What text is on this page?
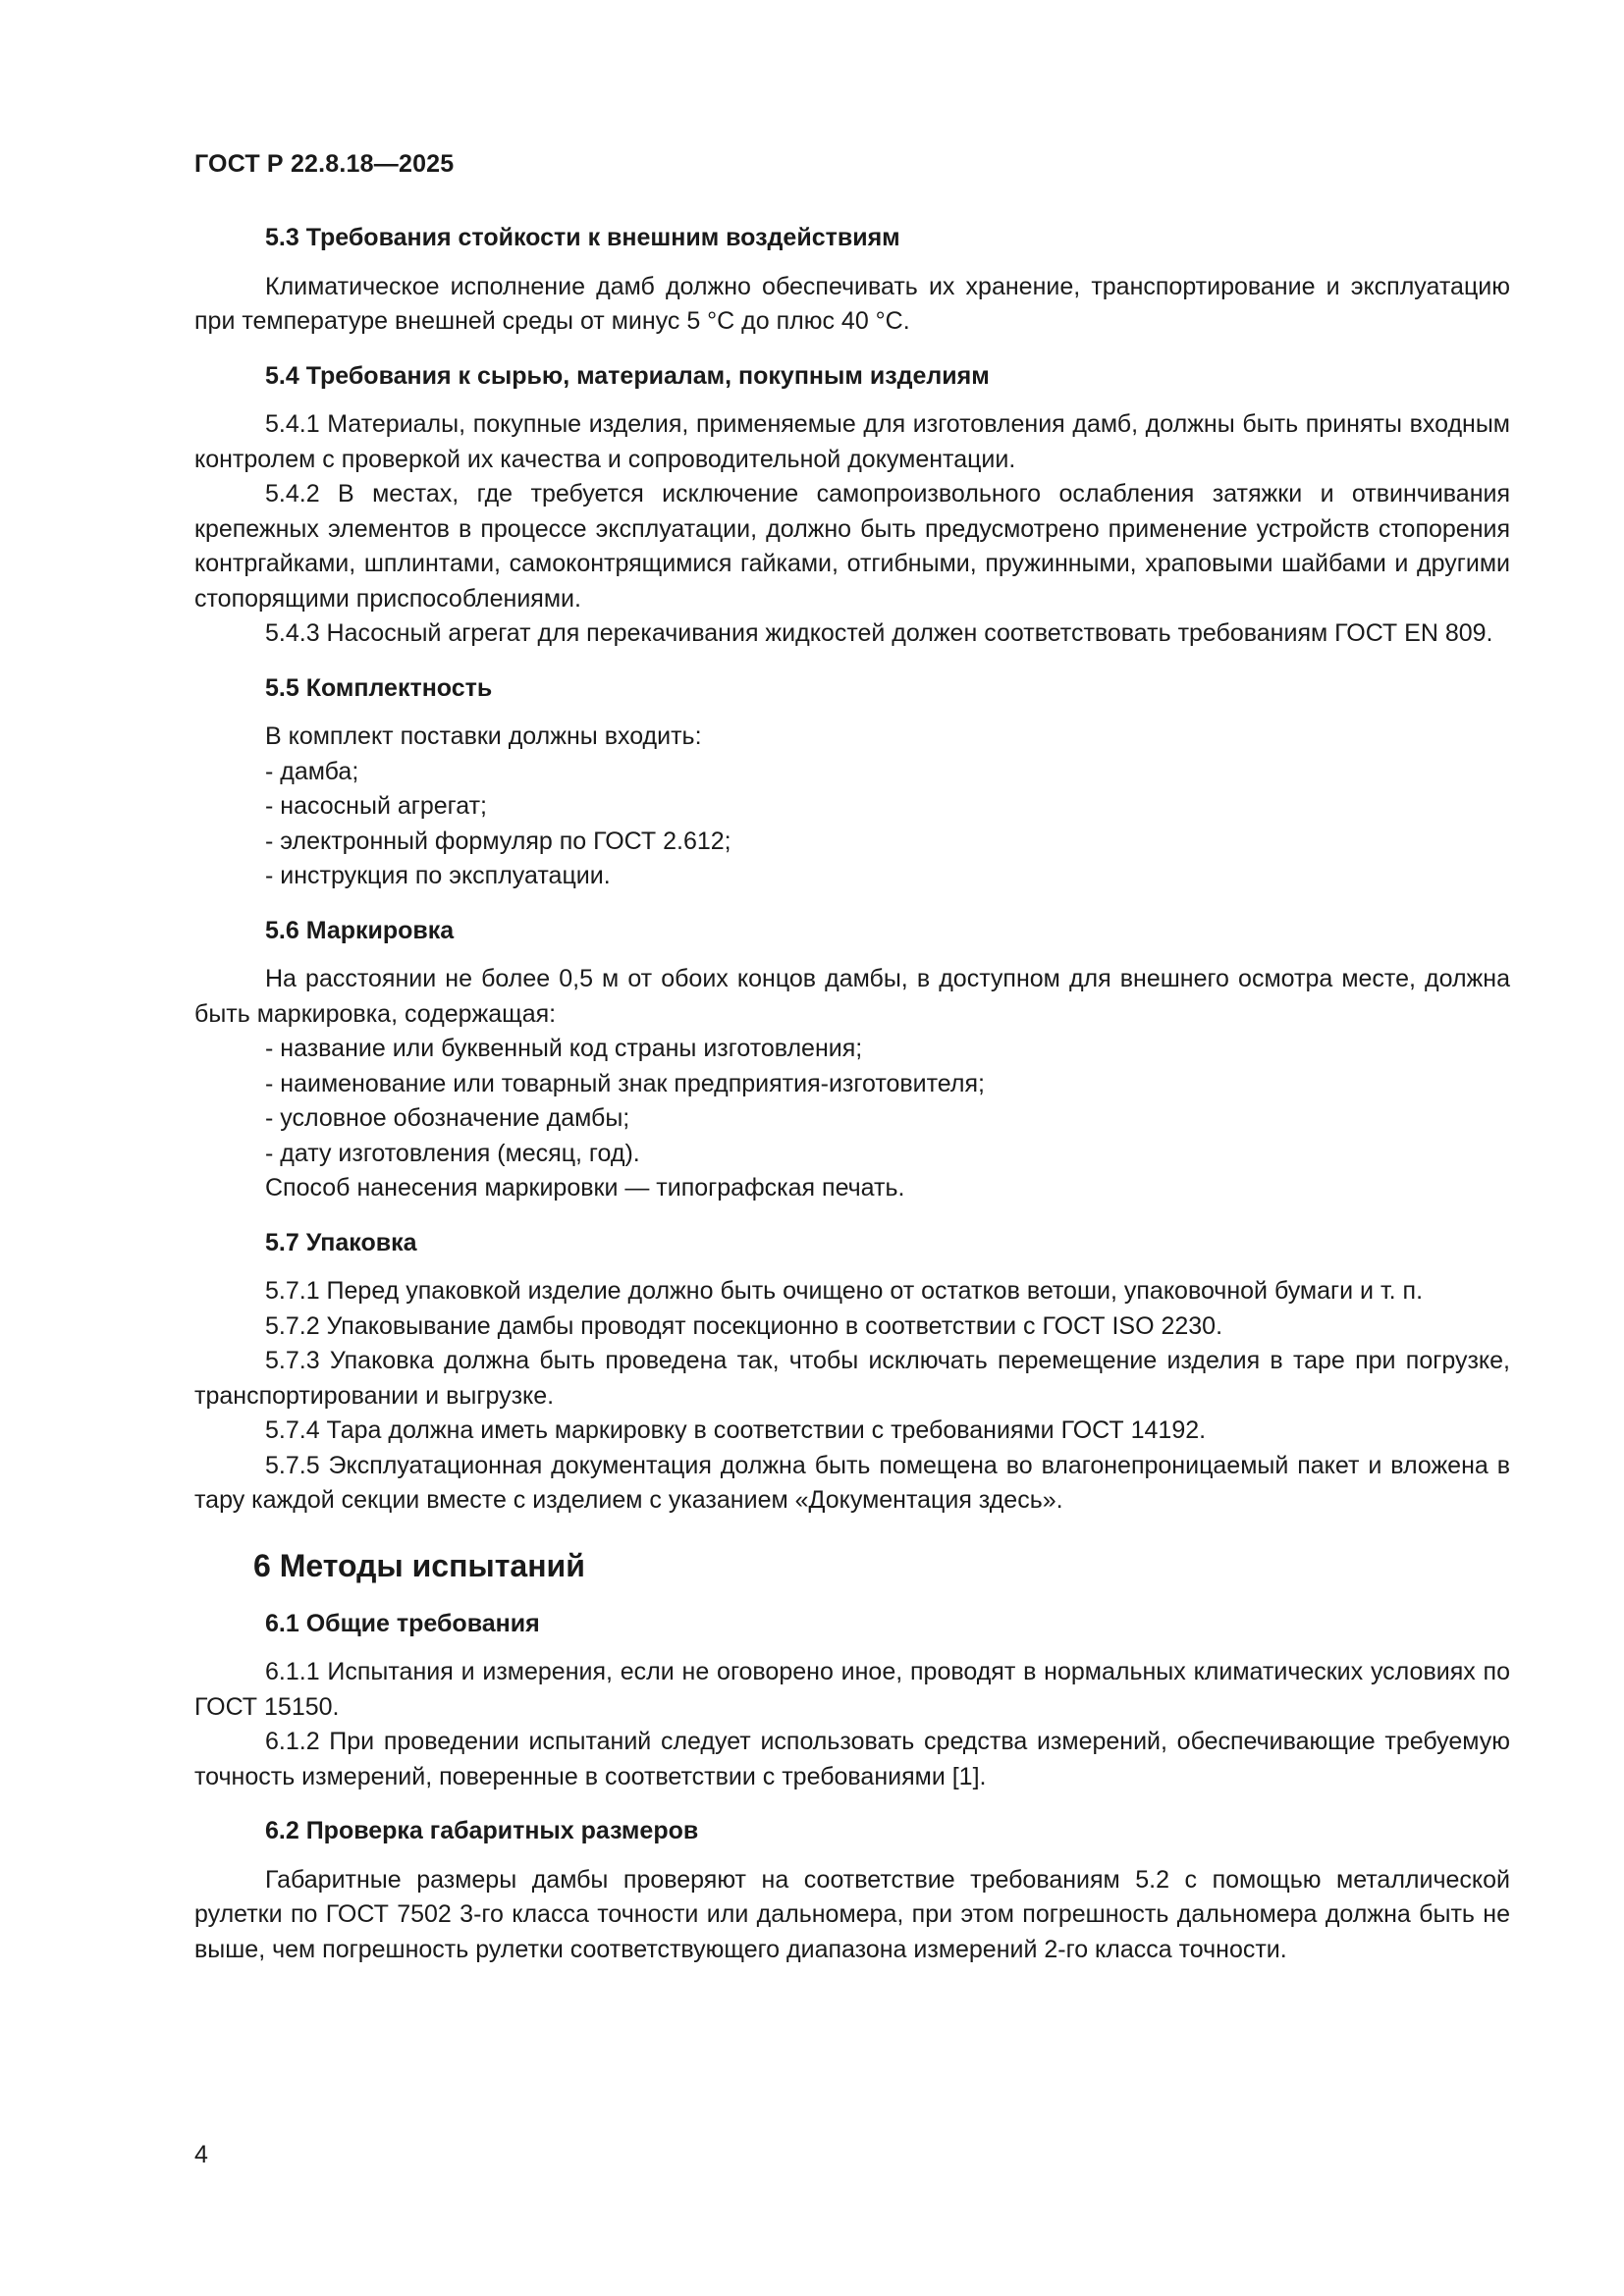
ГОСТ Р 22.8.18—2025
5.3 Требования стойкости к внешним воздействиям

Климатическое исполнение дамб должно обеспечивать их хранение, транспортирование и эксплуатацию при температуре внешней среды от минус 5 °С до плюс 40 °С.

5.4 Требования к сырью, материалам, покупным изделиям

5.4.1 Материалы, покупные изделия, применяемые для изготовления дамб, должны быть приняты входным контролем с проверкой их качества и сопроводительной документации.

5.4.2 В местах, где требуется исключение самопроизвольного ослабления затяжки и отвинчивания крепежных элементов в процессе эксплуатации, должно быть предусмотрено применение устройств стопорения контргайками, шплинтами, самоконтрящимися гайками, отгибными, пружинными, храповыми шайбами и другими стопорящими приспособлениями.

5.4.3 Насосный агрегат для перекачивания жидкостей должен соответствовать требованиям ГОСТ EN 809.

5.5 Комплектность

В комплект поставки должны входить:

- дамба;
- насосный агрегат;
- электронный формуляр по ГОСТ 2.612;
- инструкция по эксплуатации.
5.6 Маркировка

На расстоянии не более 0,5 м от обоих концов дамбы, в доступном для внешнего осмотра месте, должна быть маркировка, содержащая:

- название или буквенный код страны изготовления;
- наименование или товарный знак предприятия-изготовителя;
- условное обозначение дамбы;
- дату изготовления (месяц, год).

Способ нанесения маркировки — типографская печать.

5.7 Упаковка

5.7.1 Перед упаковкой изделие должно быть очищено от остатков ветоши, упаковочной бумаги и т. п.

5.7.2 Упаковывание дамбы проводят посекционно в соответствии с ГОСТ ISO 2230.

5.7.3 Упаковка должна быть проведена так, чтобы исключать перемещение изделия в таре при погрузке, транспортировании и выгрузке.

5.7.4 Тара должна иметь маркировку в соответствии с требованиями ГОСТ 14192.

5.7.5 Эксплуатационная документация должна быть помещена во влагонепроницаемый пакет и вложена в тару каждой секции вместе с изделием с указанием «Документация здесь».

6 Методы испытаний
6.1 Общие требования

6.1.1 Испытания и измерения, если не оговорено иное, проводят в нормальных климатических условиях по ГОСТ 15150.

6.1.2 При проведении испытаний следует использовать средства измерений, обеспечивающие требуемую точность измерений, поверенные в соответствии с требованиями [1].

6.2 Проверка габаритных размеров

Габаритные размеры дамбы проверяют на соответствие требованиям 5.2 с помощью металлической рулетки по ГОСТ 7502 3-го класса точности или дальномера, при этом погрешность дальномера должна быть не выше, чем погрешность рулетки соответствующего диапазона измерений 2-го класса точности.

4
